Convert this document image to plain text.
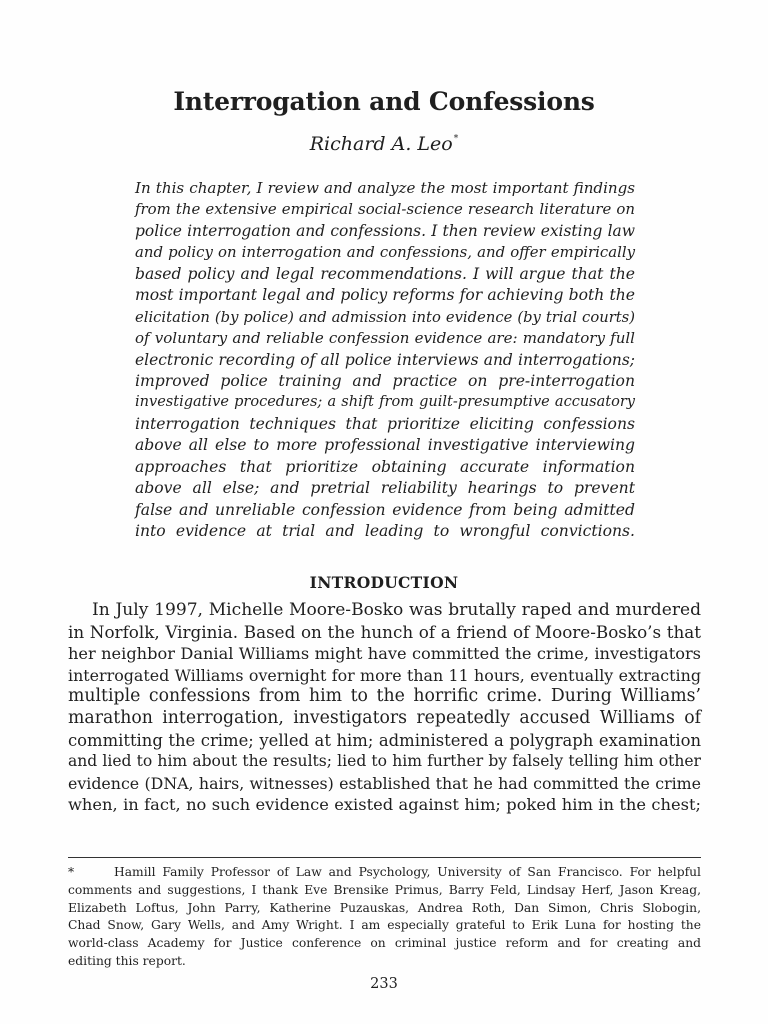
Interrogation and Confessions
Richard A. Leo*
In this chapter, I review and analyze the most important findings
from the extensive empirical social-science research literature on
police interrogation and confessions. I then review existing law
and policy on interrogation and confessions, and offer empirically
based policy and legal recommendations. I will argue that the
most important legal and policy reforms for achieving both the
elicitation (by police) and admission into evidence (by trial courts)
of voluntary and reliable confession evidence are: mandatory full
electronic recording of all police interviews and interrogations;
improved police training and practice on pre-interrogation
investigative procedures; a shift from guilt-presumptive accusatory
interrogation techniques that prioritize eliciting confessions
above all else to more professional investigative interviewing
approaches that prioritize obtaining accurate information
above all else; and pretrial reliability hearings to prevent
false and unreliable confession evidence from being admitted
into evidence at trial and leading to wrongful convictions.
INTRODUCTION
In July 1997, Michelle Moore-Bosko was brutally raped and murdered
in Norfolk, Virginia. Based on the hunch of a friend of Moore-Bosko’s that
her neighbor Danial Williams might have committed the crime, investigators
interrogated Williams overnight for more than 11 hours, eventually extracting
multiple confessions from him to the horrific crime. During Williams’
marathon interrogation, investigators repeatedly accused Williams of
committing the crime; yelled at him; administered a polygraph examination
and lied to him about the results; lied to him further by falsely telling him other
evidence (DNA, hairs, witnesses) established that he had committed the crime
when, in fact, no such evidence existed against him; poked him in the chest;
*	Hamill Family Professor of Law and Psychology, University of San Francisco. For helpful
comments and suggestions, I thank Eve Brensike Primus, Barry Feld, Lindsay Herf, Jason Kreag,
Elizabeth Loftus, John Parry, Katherine Puzauskas, Andrea Roth, Dan Simon, Chris Slobogin,
Chad Snow, Gary Wells, and Amy Wright. I am especially grateful to Erik Luna for hosting the
world-class Academy for Justice conference on criminal justice reform and for creating and
editing this report.
233
